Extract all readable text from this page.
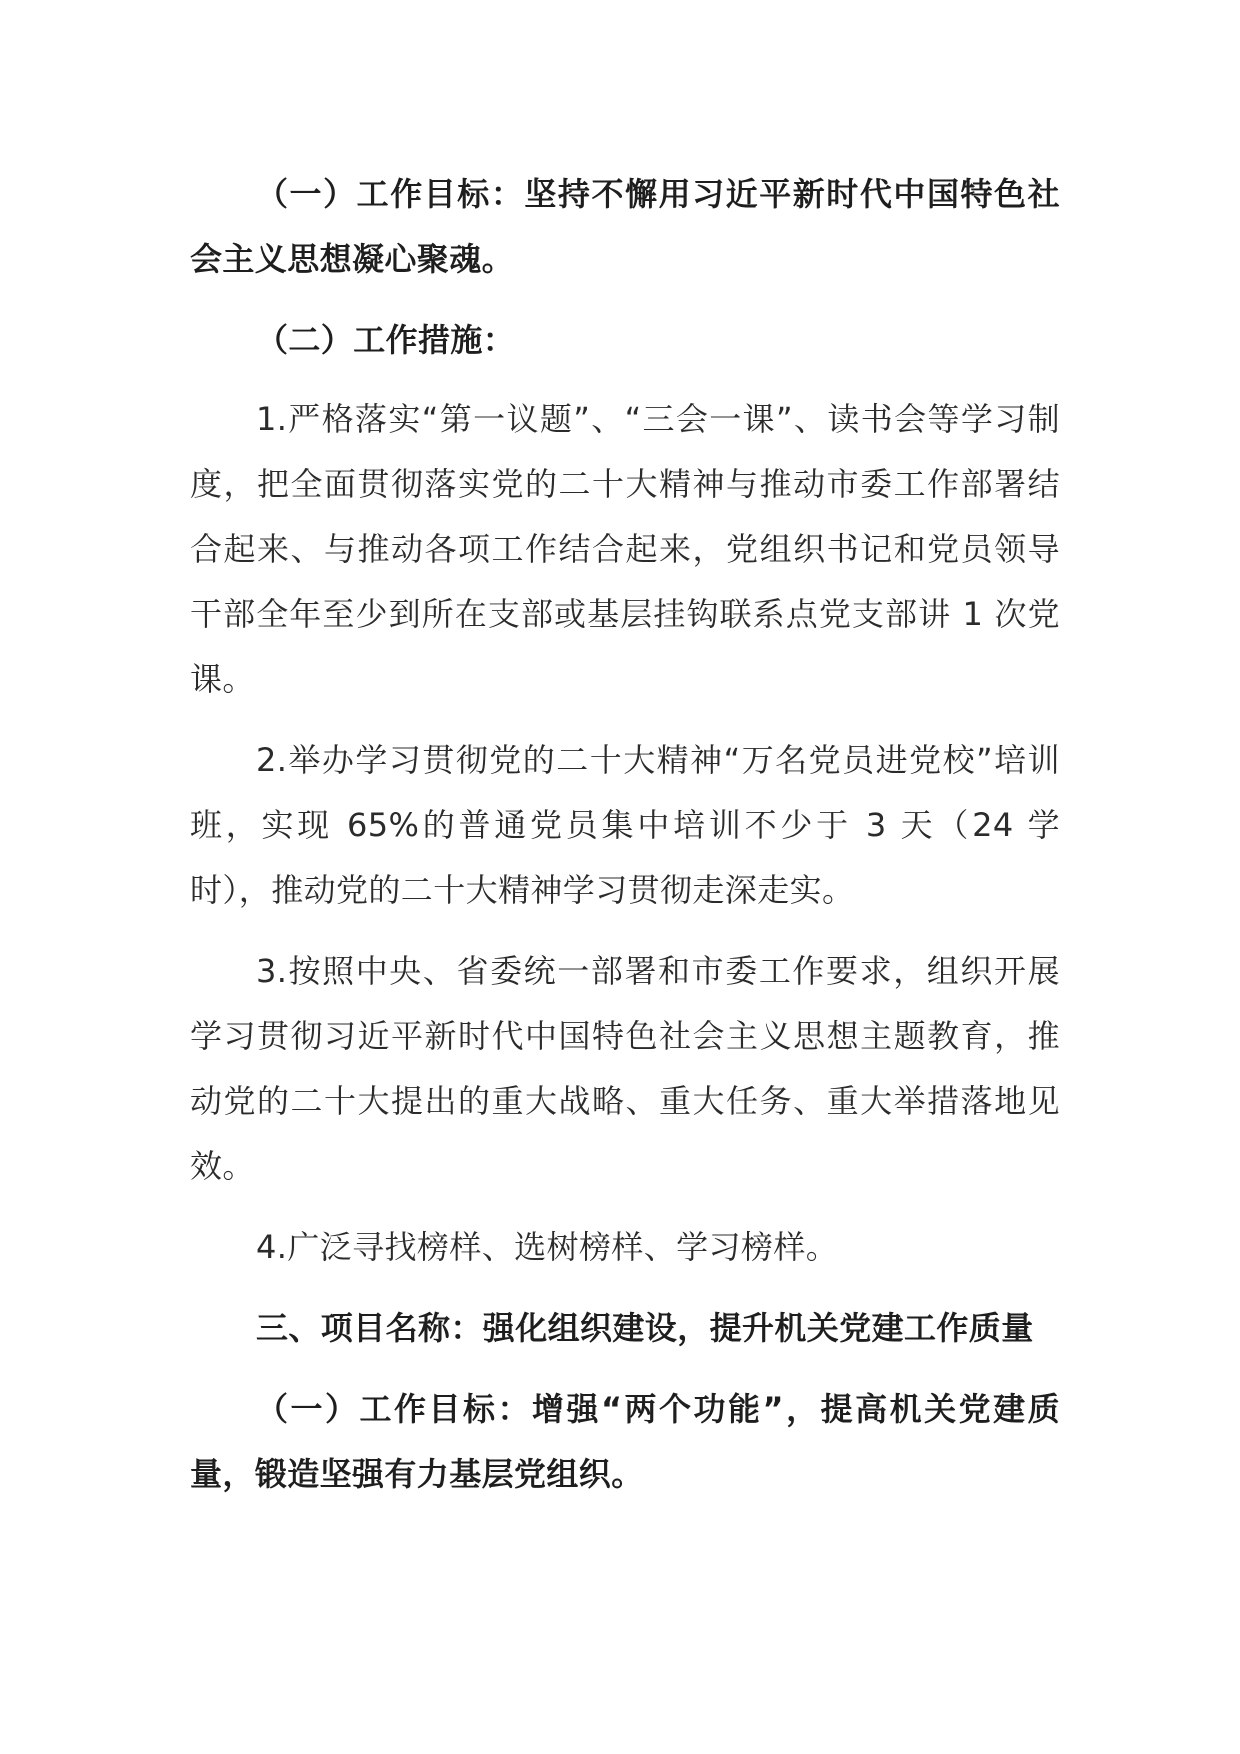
（一）工作目标：坚持不懈用习近平新时代中国特色社会主义思想凝心聚魂。

（二）工作措施：

1.严格落实“第一议题”、“三会一课”、读书会等学习制度，把全面贯彻落实党的二十大精神与推动市委工作部署结合起来、与推动各项工作结合起来，党组织书记和党员领导干部全年至少到所在支部或基层挂钩联系点党支部讲 1 次党课。

2.举办学习贯彻党的二十大精神“万名党员进党校”培训班，实现 65%的普通党员集中培训不少于 3 天（24 学时），推动党的二十大精神学习贯彻走深走实。

3.按照中央、省委统一部署和市委工作要求，组织开展学习贯彻习近平新时代中国特色社会主义思想主题教育，推动党的二十大提出的重大战略、重大任务、重大举措落地见效。

4.广泛寻找榜样、选树榜样、学习榜样。

三、项目名称：强化组织建设，提升机关党建工作质量

（一）工作目标：增强“两个功能”，提高机关党建质量，锻造坚强有力基层党组织。
